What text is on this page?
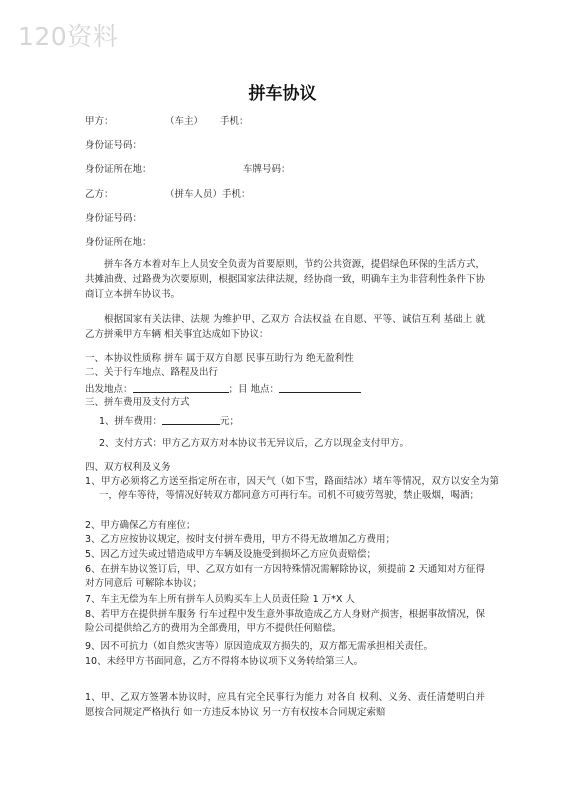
120资料
拼车协议
甲方：	（车主） 手机：
身份证号码：
身份证所在地：	车牌号码：
乙方：	（拼车人员） 手机：
身份证号码：
身份证所在地：
拼车各方本着对车上人员安全负责为首要原则，节约公共资源，提倡绿色环保的生活方式，共摊油费、过路费为次要原则，根据国家法律法规，经协商一致，明确车主为非营利性条件下协商订立本拼车协议书。
根据国家有关法律、法规 为维护甲、乙双方 合法权益 在自愿、平等、诚信互利 基础上 就乙方拼乘甲方车辆 相关事宜达成如下协议：
一、本协议性质称 拼车 属于双方自愿 民事互助行为 绝无盈利性
二、关于行车地点、路程及出行
出发地点：	；目 地点：
三、拼车费用及支付方式
1、拼车费用：	元；
2、支付方式：甲方乙方双方对本协议书无异议后，乙方以现金支付甲方。
四、双方权利及义务
1、甲方必须将乙方送至指定所在市，因天气（如下雪，路面结冰）堵车等情况，双方以安全为第一，停车等待，等情况好转双方都同意方可再行车。司机不可疲劳驾驶，禁止吸烟，喝酒；
2、甲方确保乙方有座位；
3、乙方应按协议规定，按时支付拼车费用，甲方不得无故增加乙方费用；
5、因乙方过失或过错造成甲方车辆及设施受到损坏乙方应负责赔偿；
6、在拼车协议签订后，甲、乙双方如有一方因特殊情况需解除协议，须提前 2 天通知对方征得对方同意后 可解除本协议；
7、车主无偿为车上所有拼车人员购买车上人员责任险 1 万*X 人
8、若甲方在提供拼车服务 行车过程中发生意外事故造成乙方人身财产损害，根据事故情况，保险公司提供给乙方的费用为全部费用，甲方不提供任何赔偿。
9、因不可抗力（如自然灾害等）原因造成双方损失的，双方都无需承担相关责任。
10、未经甲方书面同意，乙方不得将本协议项下义务转给第三人。
1、甲、乙双方签署本协议时，应具有完全民事行为能力 对各自 权利、义务、责任清楚明白并愿按合同规定严格执行 如一方违反本协议 另一方有权按本合同规定索赔
